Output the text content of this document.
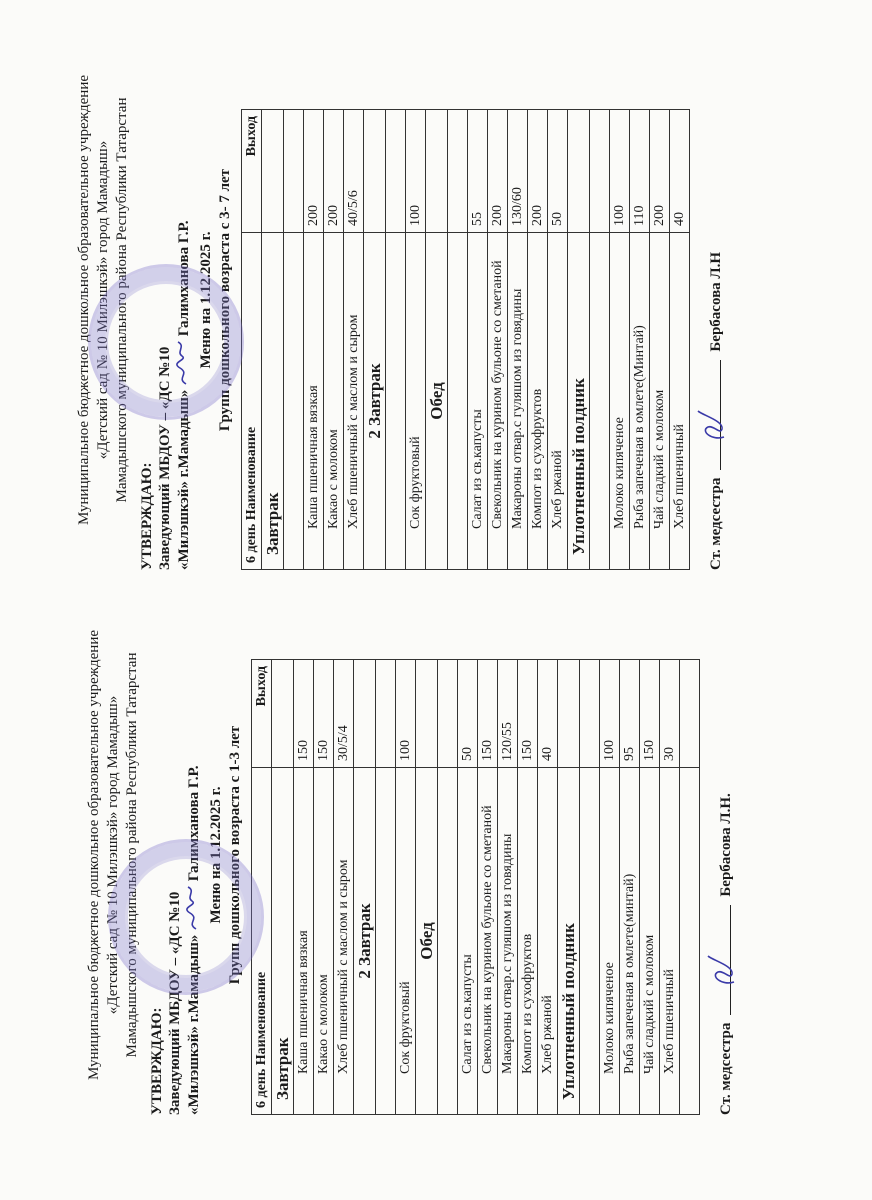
Муниципальное бюджетное дошкольное образовательное учреждение «Детский сад № 10 Милэшкэй» город Мамадыш» Мамадышского муниципального района Республики Татарстан
УТВЕРЖДАЮ: Заведующий МБДОУ – «ДС №10 «Милэшкэй» г.Мамадыш»  Галимханова Г.Р. Меню на 1.12.2025 г. Групп дошкольного возраста с 1-3 лет
6 день Наименование	Выход
Завтрак	
Каша пшеничная вязкая	150
Какао с молоком	150
Хлеб пшеничный с маслом и сыром	30/5/4
2 Завтрак	

Сок фруктовый	100
Обед	

Салат из св.капусты	50
Свекольник на курином бульоне со сметаной	150
Макароны отвар.с гуляшом из говядины	120/55
Компот из сухофруктов	150
Хлеб ржаной	40
Уплотненный полдник	

Молоко кипяченое	100
Рыба запеченая в омлете(минтай)	95
Чай сладкий с молоком	150
Хлеб пшеничный	30

Ст. медсестра
Бербасова Л.Н.
Муниципальное бюджетное дошкольное образовательное учреждение «Детский сад № 10 Милэшкэй» город Мамадыш» Мамадышского муниципального района Республики Татарстан
УТВЕРЖДАЮ: Заведующий МБДОУ – «ДС №10 «Милэшкэй» г.Мамадыш»  Галимханова Г.Р. Меню на 1.12.2025 г. Групп дошкольного возраста с 3- 7 лет
6 день Наименование	Выход
Завтрак	

Каша пшеничная вязкая	200
Какао с молоком	200
Хлеб пшеничный с маслом и сыром	40/5/6
2 Завтрак	

Сок фруктовый	100
Обед	

Салат из св.капусты	55
Свекольник на курином бульоне со сметаной	200
Макароны отвар.с гуляшом из говядины	130/60
Компот из сухофруктов	200
Хлеб ржаной	50
Уплотненный полдник	

Молоко кипяченое	100
Рыба запеченая в омлете(Минтай)	110
Чай сладкий с молоком	200
Хлеб пшеничный	40
Ст. медсестра
Бербасова Л.Н
